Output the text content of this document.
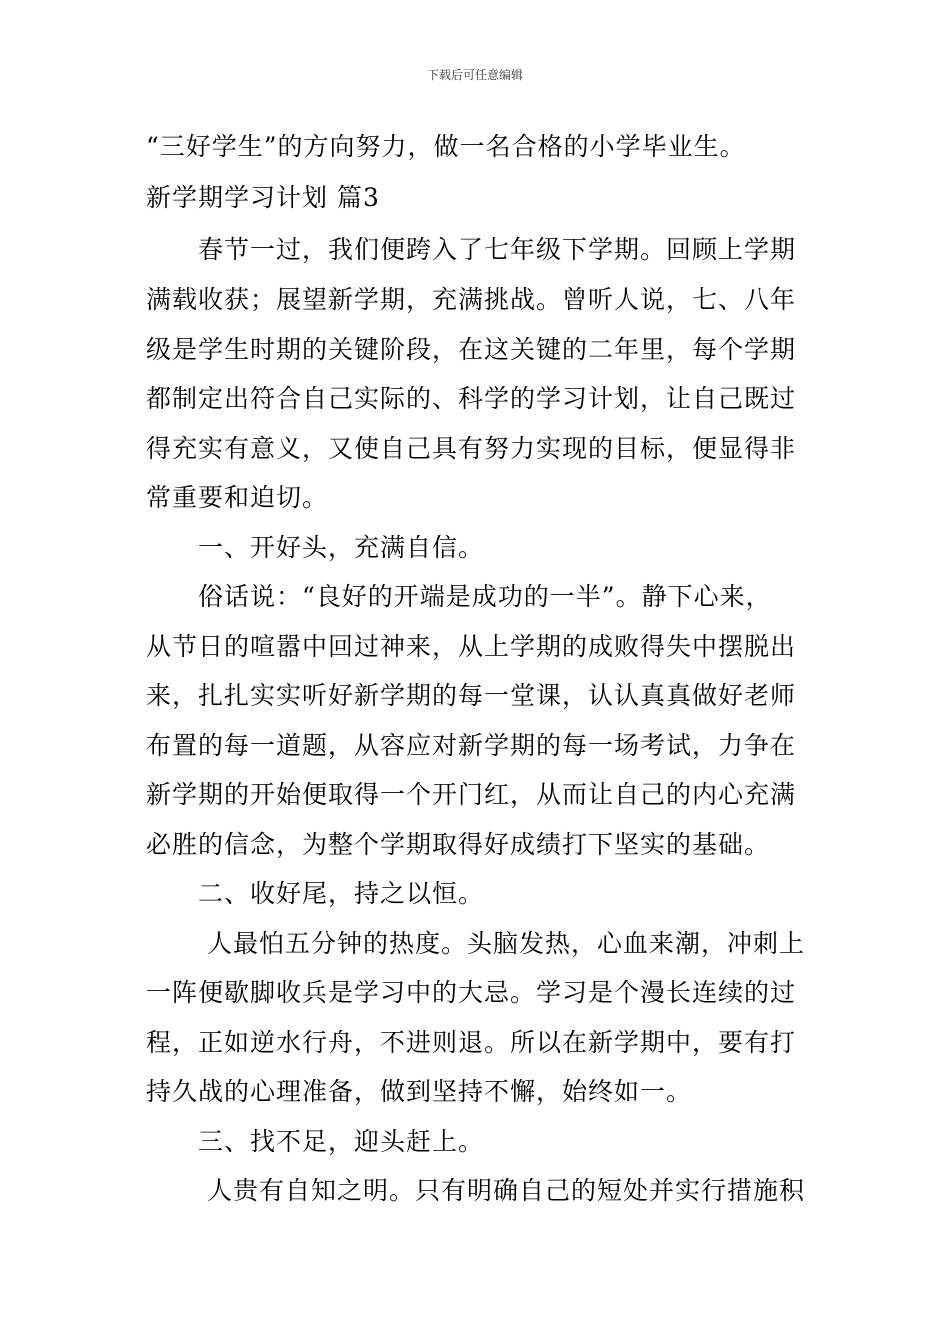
下载后可任意编辑
“三好学生”的方向努力，做一名合格的小学毕业生。
新学期学习计划 篇3
　　春节一过，我们便跨入了七年级下学期。回顾上学期
满载收获；展望新学期，充满挑战。曾听人说，七、八年
级是学生时期的关键阶段，在这关键的二年里，每个学期
都制定出符合自己实际的、科学的学习计划，让自己既过
得充实有意义，又使自己具有努力实现的目标，便显得非
常重要和迫切。
　　一、开好头，充满自信。
　　俗话说：“良好的开端是成功的一半”。静下心来，
从节日的喧嚣中回过神来，从上学期的成败得失中摆脱出
来，扎扎实实听好新学期的每一堂课，认认真真做好老师
布置的每一道题，从容应对新学期的每一场考试，力争在
新学期的开始便取得一个开门红，从而让自己的内心充满
必胜的信念，为整个学期取得好成绩打下坚实的基础。
　　二、收好尾，持之以恒。
　　 人最怕五分钟的热度。头脑发热，心血来潮，冲刺上
一阵便歇脚收兵是学习中的大忌。学习是个漫长连续的过
程，正如逆水行舟，不进则退。所以在新学期中，要有打
持久战的心理准备，做到坚持不懈，始终如一。
　　三、找不足，迎头赶上。
　　 人贵有自知之明。只有明确自己的短处并实行措施积
